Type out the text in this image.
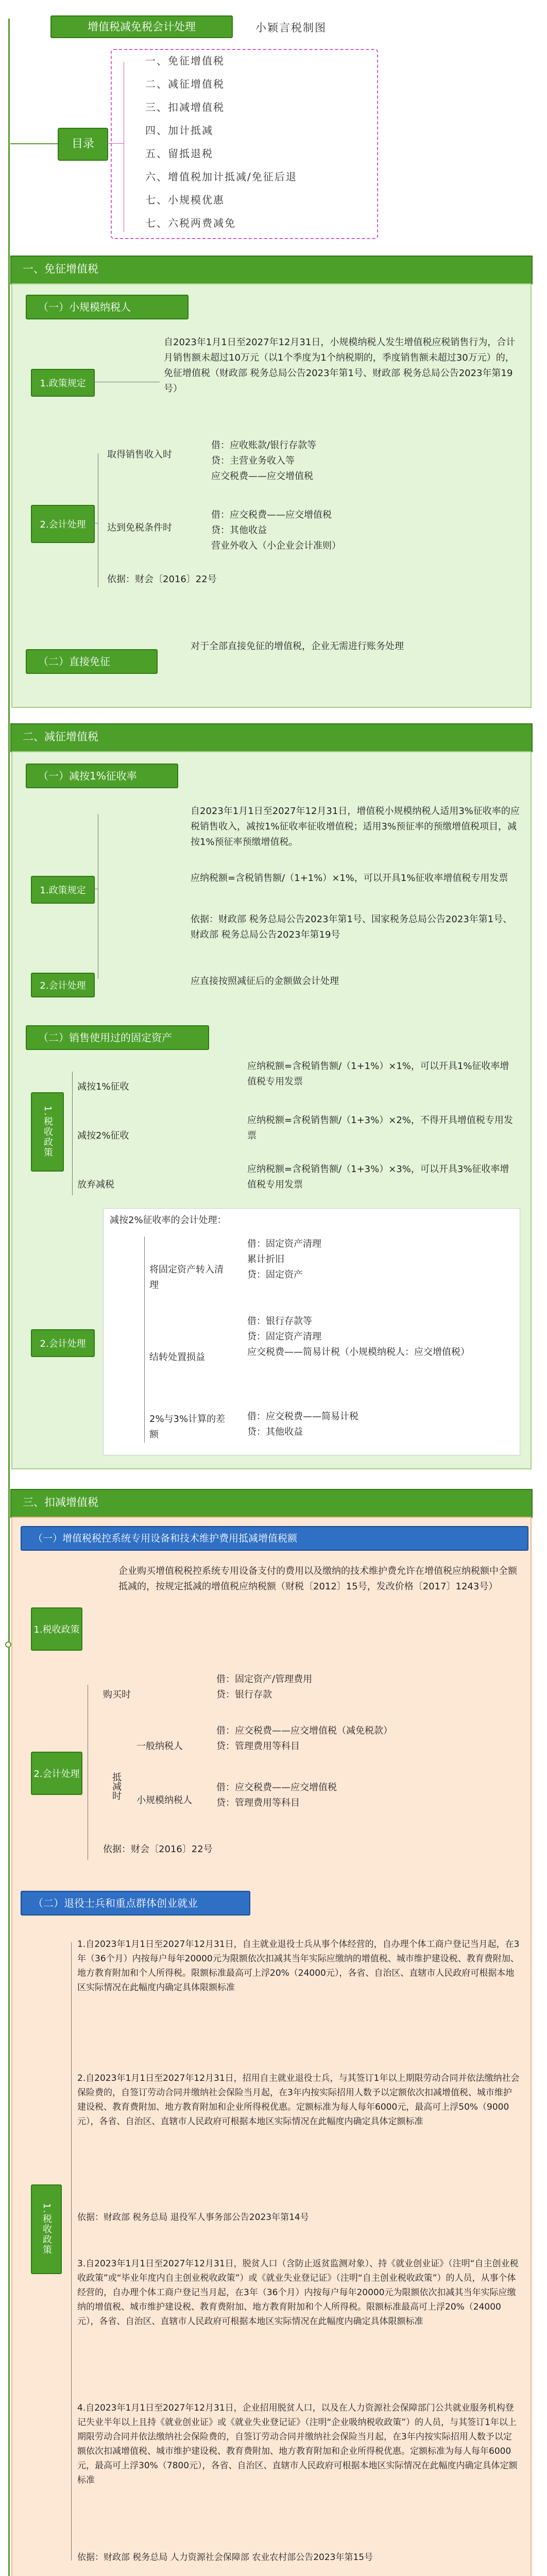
增值税减免税会计处理	小颖言税制图
目录
一、免征增值税
二、减征增值税
三、扣减增值税
四、加计抵减
五、留抵退税
六、增值税加计抵减/免征后退
七、小规模优惠
七、六税两费减免
一、免征增值税
（一）小规模纳税人
1.政策规定
自2023年1月1日至2027年12月31日，小规模纳税人发生增值税应税销售行为，合计月销售额未超过10万元（以1个季度为1个纳税期的，季度销售额未超过30万元）的，免征增值税（财政部 税务总局公告2023年第1号、财政部 税务总局公告2023年第19号）
2.会计处理
取得销售收入时
借：应收账款/银行存款等
贷：主营业务收入等
应交税费——应交增值税
达到免税条件时
借：应交税费——应交增值税
贷：其他收益
营业外收入（小企业会计准则）
依据：财会〔2016〕22号
（二）直接免征
对于全部直接免征的增值税，企业无需进行账务处理
二、减征增值税
（一）减按1%征收率
1.政策规定
自2023年1月1日至2027年12月31日，增值税小规模纳税人适用3%征收率的应税销售收入，减按1%征收率征收增值税；适用3%预征率的预缴增值税项目，减按1%预征率预缴增值税。
应纳税额=含税销售额/（1+1%）×1%，可以开具1%征收率增值税专用发票
依据：财政部 税务总局公告2023年第1号、国家税务总局公告2023年第1号、财政部 税务总局公告2023年第19号
2.会计处理	应直接按照减征后的金额做会计处理
（二）销售使用过的固定资产
1.税收政策
减按1%征收
应纳税额=含税销售额/（1+1%）×1%，可以开具1%征收率增值税专用发票
减按2%征收
应纳税额=含税销售额/（1+3%）×2%，不得开具增值税专用发票
放弃减税
应纳税额=含税销售额/（1+3%）×3%，可以开具3%征收率增值税专用发票
2.会计处理
减按2%征收率的会计处理：
将固定资产转入清理
借：固定资产清理
累计折旧
贷：固定资产
结转处置损益
借：银行存款等
贷：固定资产清理
应交税费——简易计税（小规模纳税人：应交增值税）
2%与3%计算的差额
借：应交税费——简易计税
贷：其他收益
三、扣减增值税
（一）增值税税控系统专用设备和技术维护费用抵减增值税额
1.税收政策
企业购买增值税税控系统专用设备支付的费用以及缴纳的技术维护费允许在增值税应纳税额中全额抵减的，按规定抵减的增值税应纳税额（财税〔2012〕15号，发改价格〔2017〕1243号）
2.会计处理
购买时
借：固定资产/管理费用
贷：银行存款
抵减时
一般纳税人
借：应交税费——应交增值税（减免税款）
贷：管理费用等科目
小规模纳税人
借：应交税费——应交增值税
贷：管理费用等科目
依据：财会〔2016〕22号
（二）退役士兵和重点群体创业就业
1.税收政策
1.自2023年1月1日至2027年12月31日，自主就业退役士兵从事个体经营的，自办理个体工商户登记当月起，在3年（36个月）内按每户每年20000元为限额依次扣减其当年实际应缴纳的增值税、城市维护建设税、教育费附加、地方教育附加和个人所得税。限额标准最高可上浮20%（24000元），各省、自治区、直辖市人民政府可根据本地区实际情况在此幅度内确定具体限额标准
2.自2023年1月1日至2027年12月31日，招用自主就业退役士兵，与其签订1年以上期限劳动合同并依法缴纳社会保险费的，自签订劳动合同并缴纳社会保险当月起，在3年内按实际招用人数予以定额依次扣减增值税、城市维护建设税、教育费附加、地方教育附加和企业所得税优惠。定额标准为每人每年6000元，最高可上浮50%（9000元），各省、自治区、直辖市人民政府可根据本地区实际情况在此幅度内确定具体定额标准
依据：财政部 税务总局 退役军人事务部公告2023年第14号
3.自2023年1月1日至2027年12月31日，脱贫人口（含防止返贫监测对象）、持《就业创业证》（注明“自主创业税收政策”或“毕业年度内自主创业税收政策”）或《就业失业登记证》（注明“自主创业税收政策”）的人员，从事个体经营的，自办理个体工商户登记当月起，在3年（36个月）内按每户每年20000元为限额依次扣减其当年实际应缴纳的增值税、城市维护建设税、教育费附加、地方教育附加和个人所得税。限额标准最高可上浮20%（24000元），各省、自治区、直辖市人民政府可根据本地区实际情况在此幅度内确定具体限额标准
4.自2023年1月1日至2027年12月31日，企业招用脱贫人口，以及在人力资源社会保障部门公共就业服务机构登记失业半年以上且持《就业创业证》或《就业失业登记证》（注明“企业吸纳税收政策”）的人员，与其签订1年以上期限劳动合同并依法缴纳社会保险费的，自签订劳动合同并缴纳社会保险当月起，在3年内按实际招用人数予以定额依次扣减增值税、城市维护建设税、教育费附加、地方教育附加和企业所得税优惠。定额标准为每人每年6000元，最高可上浮30%（7800元），各省、自治区、直辖市人民政府可根据本地区实际情况在此幅度内确定具体定额标准
依据：财政部 税务总局 人力资源社会保障部 农业农村部公告2023年第15号
